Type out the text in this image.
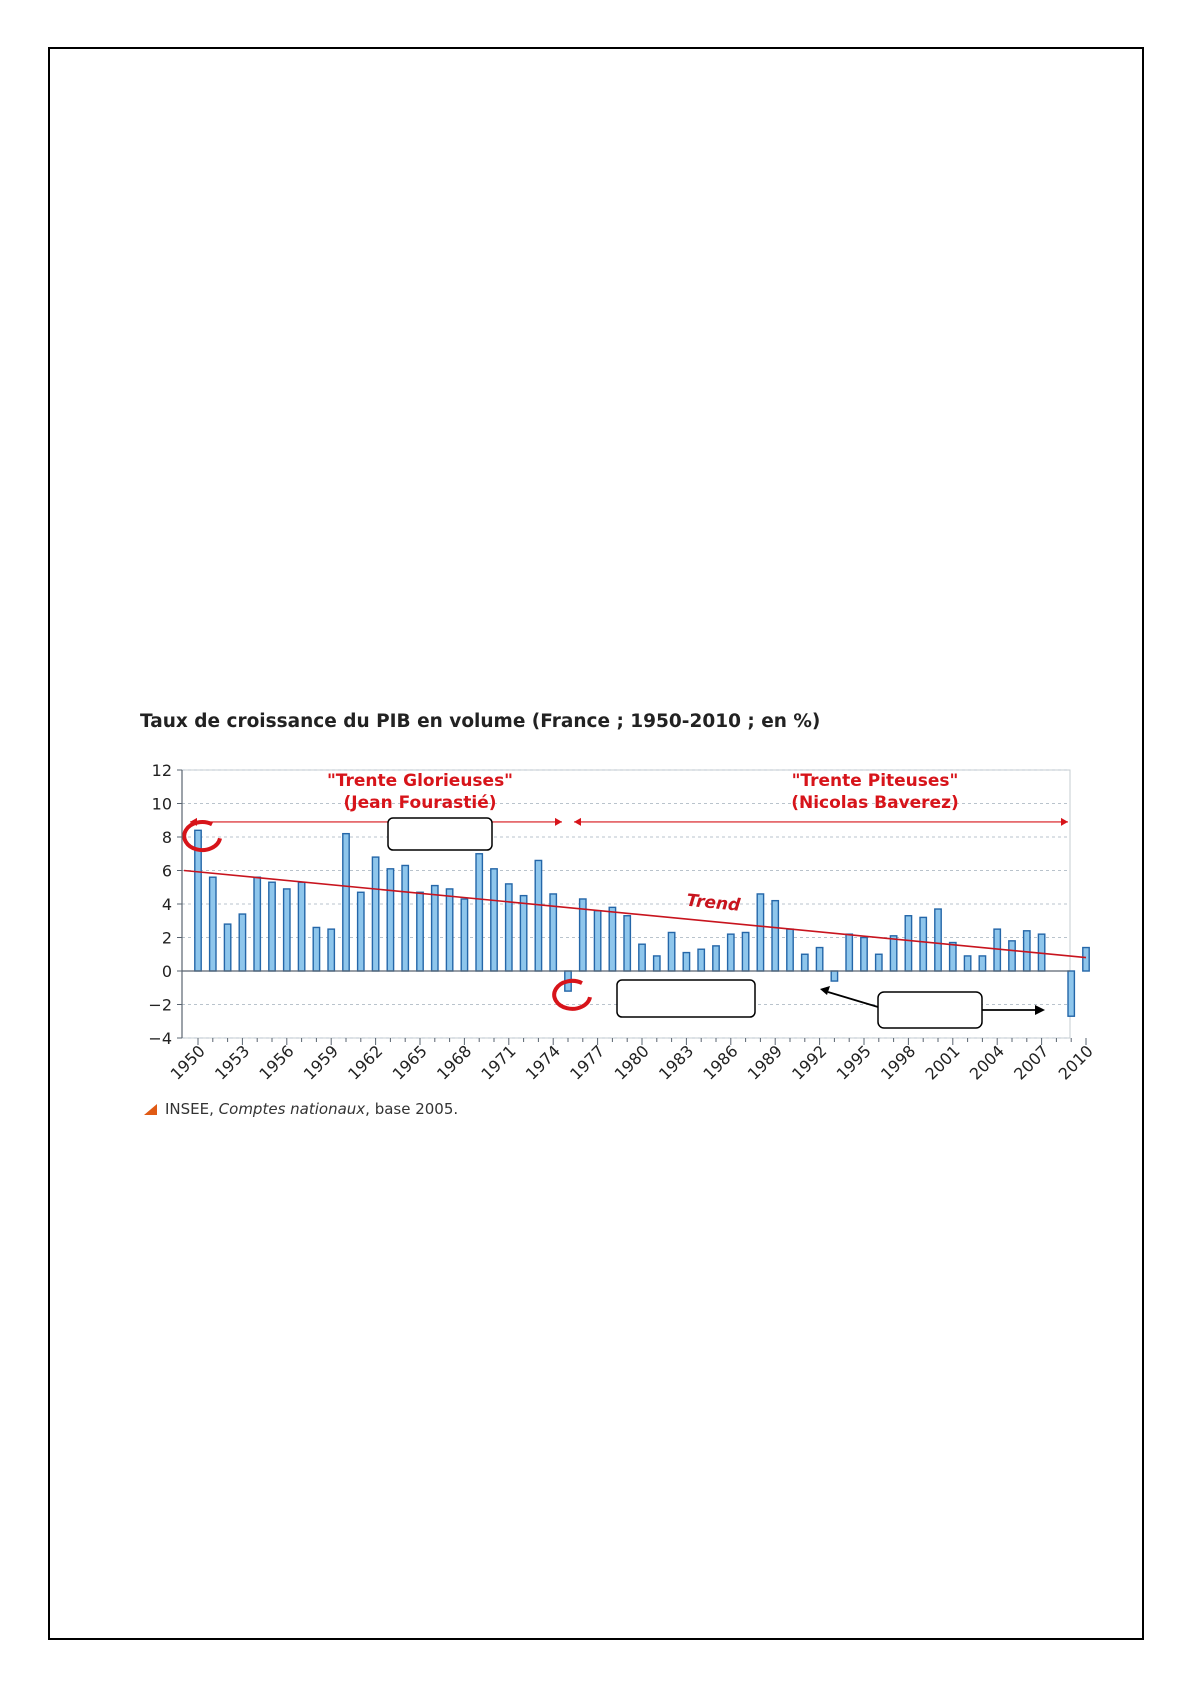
Taux de croissance du PIB en volume (France ; 1950-2010 ; en %)
"Trente Glorieuses"
(Jean Fourastié)
"Trente Piteuses"
(Nicolas Baverez)
Trend
12
10
8
6
4
2
0
−2
−4
1950 1953 1956 1959 1962 1965 1968 1971 1974 1977 1980 1983 1986 1989 1992 1995 1998 2001 2004 2007 2010
INSEE, Comptes nationaux, base 2005.
